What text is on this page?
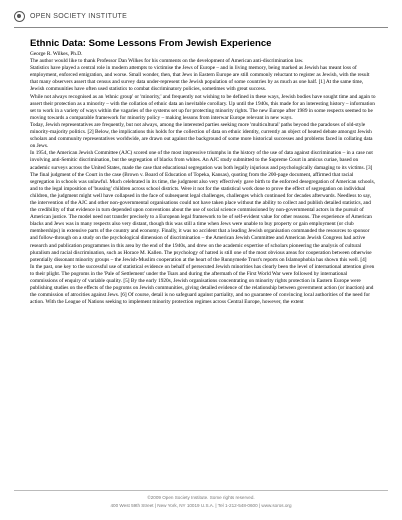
OPEN SOCIETY INSTITUTE
Ethnic Data: Some Lessons From Jewish Experience

George R. Wilkes, Ph.D.

The author would like to thank Professor Dan Wilkes for his comments on the development of American anti-discrimination law.

Statistics have played a central role in modern attempts to victimise the Jews of Europe – and in living memory, being marked as Jewish has meant loss of employment, enforced emigration, and worse. Small wonder, then, that Jews in Eastern Europe are still commonly reluctant to register as Jewish, with the result that many observers assert that census and survey data under-represent the Jewish population of some countries by as much as one half. [1] At the same time, Jewish communities have often used statistics to combat discriminatory policies, sometimes with great success.

While not always recognised as an 'ethnic group' or 'minority,' and frequently not wishing to be defined in these ways, Jewish bodies have sought time and again to assert their protection as a minority – with the collation of ethnic data an inevitable corollary. Up until the 1940s, this made for an interesting history – information set to work in a variety of ways within the vagaries of the systems set up for protecting minority rights. The new Europe after 1989 in some respects seemed to be moving towards a comparable framework for minority policy – making lessons from interwar Europe relevant in new ways.

Today, Jewish representatives are frequently, but not always, among the interested parties seeking more 'multicultural' paths beyond the paradoxes of old-style minority-majority politics. [2] Below, the implications this holds for the collection of data on ethnic identity, currently an object of heated debate amongst Jewish scholars and community representatives worldwide, are drawn out against the background of some more historical successes and problems faced in collating data on Jews.

In 1954, the American Jewish Committee (AJC) scored one of the most impressive triumphs in the history of the use of data against discrimination – in a case not involving anti-Semitic discrimination, but the segregation of blacks from whites. An AJC study submitted to the Supreme Court in amicus curiae, based on academic surveys across the United States, made the case that educational segregation was both legally injurious and psychologically damaging to its victims. [3] The final judgment of the Court in the case (Brown v. Board of Education of Topeka, Kansas), quoting from the 200-page document, affirmed that racial segregation in schools was unlawful. Much celebrated in its time, the judgment also very effectively gave birth to the enforced desegregation of American schools, and to the legal imposition of 'bussing' children across school districts. Were it not for the statistical work done to prove the effect of segregation on individual children, the judgment might well have collapsed in the face of subsequent legal challenges, challenges which continued for decades afterwards. Needless to say, the intervention of the AJC and other non-governmental organisations could not have taken place without the ability to collect and publish detailed statistics, and the credibility of that evidence in turn depended upon conventions about the use of social science commissioned by non-governmental actors in the pursuit of American justice. The model need not transfer precisely to a European legal framework to be of self-evident value for other reasons. The experience of American blacks and Jews was in many respects also very distant, though this was still a time when Jews were unable to buy property or gain employment (or club memberships) in extensive parts of the country and economy. Finally, it was no accident that a leading Jewish organisation commanded the resources to sponsor and follow-through on a study on the psychological dimension of discrimination – the American Jewish Committee and American Jewish Congress had active research and publication programmes in this area by the end of the 1940s, and drew on the academic expertise of scholars pioneering the analysis of cultural pluralism and racial discrimination, such as Horace M. Kallen. The psychology of hatred is still one of the most obvious areas for cooperation between otherwise potentially dissonant minority groups – the Jewish-Muslim cooperation at the heart of the Runnymede Trust's reports on Islamophobia has shown this well. [4]

In the past, one key to the successful use of statistical evidence on behalf of persecuted Jewish minorities has clearly been the level of international attention given to their plight. The pogroms in the 'Pale of Settlement' under the Tsars and during the aftermath of the First World War were followed by international commissions of enquiry of variable quality. [5] By the early 1920s, Jewish organisations concentrating on minority rights protection in Eastern Europe were publishing studies on the effects of the pogroms on Jewish communities, giving detailed evidence of the relationship between government action (or inaction) and the commission of atrocities against Jews. [6] Of course, detail is no safeguard against partiality, and no guarantee of convincing local authorities of the need for action. With the League of Nations seeking to implement minority protection regimes across Central Europe, however, the extent

©2009 Open Society Institute. Some rights reserved.
400 West 59th Street | New York, NY 10019 U.S.A. | Tel 1-212-548-0600 | www.soros.org
